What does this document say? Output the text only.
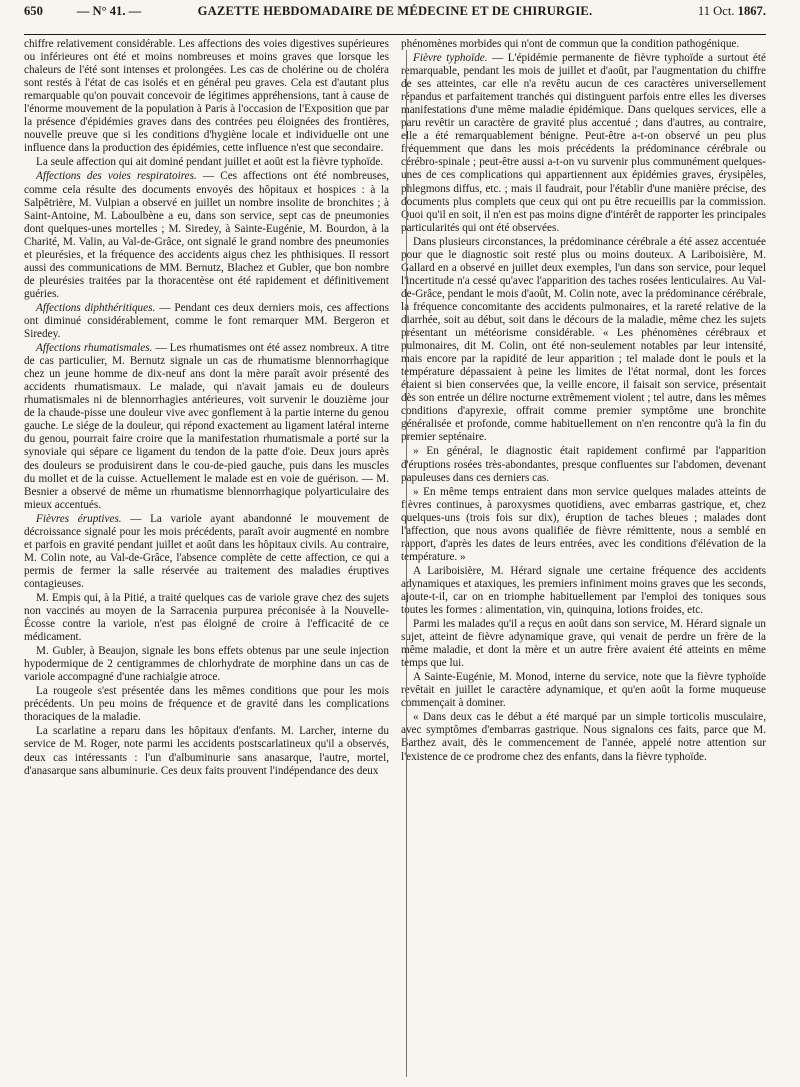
650	— N° 41. —	GAZETTE HEBDOMADAIRE DE MÉDECINE ET DE CHIRURGIE.	11 Oct. 1867.

chiffre relativement considérable. Les affections des voies digestives supérieures ou inférieures ont été et moins nombreuses et moins graves que lorsque les chaleurs de l'été sont intenses et prolongées. Les cas de cholérine ou de choléra sont restés à l'état de cas isolés et en général peu graves. Cela est d'autant plus remarquable qu'on pouvait concevoir de légitimes appréhensions, tant à cause de l'énorme mouvement de la population à Paris à l'occasion de l'Exposition que par la présence d'épidémies graves dans des contrées peu éloignées des frontières, nouvelle preuve que si les conditions d'hygiène locale et individuelle ont une influence dans la production des épidémies, cette influence n'est que secondaire.

La seule affection qui ait dominé pendant juillet et août est la fièvre typhoïde.

Affections des voies respiratoires. — Ces affections ont été nombreuses, comme cela résulte des documents envoyés des hôpitaux et hospices : à la Salpêtrière, M. Vulpian a observé en juillet un nombre insolite de bronchites ; à Saint-Antoine, M. Laboulbène a eu, dans son service, sept cas de pneumonies dont quelques-unes mortelles ; M. Siredey, à Sainte-Eugénie, M. Bourdon, à la Charité, M. Valin, au Val-de-Grâce, ont signalé le grand nombre des pneumonies et pleurésies, et la fréquence des accidents aigus chez les phthisiques. Il ressort aussi des communications de MM. Bernutz, Blachez et Gubler, que bon nombre de pleurésies traitées par la thoracentèse ont été rapidement et définitivement guéries.

Affections diphthéritiques. — Pendant ces deux derniers mois, ces affections ont diminué considérablement, comme le font remarquer MM. Bergeron et Siredey.

Affections rhumatismales. — Les rhumatismes ont été assez nombreux. A titre de cas particulier, M. Bernutz signale un cas de rhumatisme blennorrhagique chez un jeune homme de dix-neuf ans dont la mère paraît avoir présenté des accidents rhumatismaux. Le malade, qui n'avait jamais eu de douleurs rhumatismales ni de blennorrhagies antérieures, voit survenir le douzième jour de la chaude-pisse une douleur vive avec gonflement à la partie interne du genou gauche. Le siége de la douleur, qui répond exactement au ligament latéral interne du genou, pourrait faire croire que la manifestation rhumatismale a porté sur la synoviale qui sépare ce ligament du tendon de la patte d'oie. Deux jours après des douleurs se produisirent dans le cou-de-pied gauche, puis dans les muscles du mollet et de la cuisse. Actuellement le malade est en voie de guérison. — M. Besnier a observé de même un rhumatisme blennorrhagique polyarticulaire des mieux accentués.

Fièvres éruptives. — La variole ayant abandonné le mouvement de décroissance signalé pour les mois précédents, paraît avoir augmenté en nombre et parfois en gravité pendant juillet et août dans les hôpitaux civils. Au contraire, M. Colin note, au Val-de-Grâce, l'absence complète de cette affection, ce qui a permis de fermer la salle réservée au traitement des maladies éruptives contagieuses.

M. Empis qui, à la Pitié, a traité quelques cas de variole grave chez des sujets non vaccinés au moyen de la Sarracenia purpurea préconisée à la Nouvelle-Écosse contre la variole, n'est pas éloigné de croire à l'efficacité de ce médicament.

M. Gubler, à Beaujon, signale les bons effets obtenus par une seule injection hypodermique de 2 centigrammes de chlorhydrate de morphine dans un cas de variole accompagné d'une rachialgie atroce.

La rougeole s'est présentée dans les mêmes conditions que pour les mois précédents. Un peu moins de fréquence et de gravité dans les complications thoraciques de la maladie.

La scarlatine a reparu dans les hôpitaux d'enfants. M. Larcher, interne du service de M. Roger, note parmi les accidents postscarlatineux qu'il a observés, deux cas intéressants : l'un d'albuminurie sans anasarque, l'autre, mortel, d'anasarque sans albuminurie. Ces deux faits prouvent l'indépendance des deux

phénomènes morbides qui n'ont de commun que la condition pathogénique.

Fièvre typhoïde. — L'épidémie permanente de fièvre typhoïde a surtout été remarquable, pendant les mois de juillet et d'août, par l'augmentation du chiffre de ses atteintes, car elle n'a revêtu aucun de ces caractères universellement répandus et parfaitement tranchés qui distinguent parfois entre elles les diverses manifestations d'une même maladie épidémique. Dans quelques services, elle a paru revêtir un caractère de gravité plus accentué ; dans d'autres, au contraire, elle a été remarquablement bénigne. Peut-être a-t-on observé un peu plus fréquemment que dans les mois précédents la prédominance cérébrale ou cérébro-spinale ; peut-être aussi a-t-on vu survenir plus communément quelques-unes de ces complications qui appartiennent aux épidémies graves, érysipèles, phlegmons diffus, etc. ; mais il faudrait, pour l'établir d'une manière précise, des documents plus complets que ceux qui ont pu être recueillis par la commission. Quoi qu'il en soit, il n'en est pas moins digne d'intérêt de rapporter les principales particularités qui ont été observées.

Dans plusieurs circonstances, la prédominance cérébrale a été assez accentuée pour que le diagnostic soit resté plus ou moins douteux. A Lariboisière, M. Gallard en a observé en juillet deux exemples, l'un dans son service, pour lequel l'incertitude n'a cessé qu'avec l'apparition des taches rosées lenticulaires. Au Val-de-Grâce, pendant le mois d'août, M. Colin note, avec la prédominance cérébrale, la fréquence concomitante des accidents pulmonaires, et la rareté relative de la diarrhée, soit au début, soit dans le décours de la maladie, même chez les sujets présentant un météorisme considérable. « Les phénomènes cérébraux et pulmonaires, dit M. Colin, ont été non-seulement notables par leur intensité, mais encore par la rapidité de leur apparition ; tel malade dont le pouls et la température dépassaient à peine les limites de l'état normal, dont les forces étaient si bien conservées que, la veille encore, il faisait son service, présentait dès son entrée un délire nocturne extrêmement violent ; tel autre, dans les mêmes conditions d'apyrexie, offrait comme premier symptôme une bronchite généralisée et profonde, comme habituellement on n'en rencontre qu'à la fin du premier septénaire.

» En général, le diagnostic était rapidement confirmé par l'apparition d'éruptions rosées très-abondantes, presque confluentes sur l'abdomen, devenant papuleuses dans ces derniers cas.

» En même temps entraient dans mon service quelques malades atteints de fièvres continues, à paroxysmes quotidiens, avec embarras gastrique, et, chez quelques-uns (trois fois sur dix), éruption de taches bleues ; malades dont l'affection, que nous avons qualifiée de fièvre rémittente, nous a semblé en rapport, d'après les dates de leurs entrées, avec les conditions d'élévation de la température. »

A Lariboisière, M. Hérard signale une certaine fréquence des accidents adynamiques et ataxiques, les premiers infiniment moins graves que les seconds, ajoute-t-il, car on en triomphe habituellement par l'emploi des toniques sous toutes les formes : alimentation, vin, quinquina, lotions froides, etc.

Parmi les malades qu'il a reçus en août dans son service, M. Hérard signale un sujet, atteint de fièvre adynamique grave, qui venait de perdre un frère de la même maladie, et dont la mère et un autre frère avaient été atteints en même temps que lui.

A Sainte-Eugénie, M. Monod, interne du service, note que la fièvre typhoïde revêtait en juillet le caractère adynamique, et qu'en août la forme muqueuse commençait à dominer.

« Dans deux cas le début a été marqué par un simple torticolis musculaire, avec symptômes d'embarras gastrique. Nous signalons ces faits, parce que M. Barthez avait, dès le commencement de l'année, appelé notre attention sur l'existence de ce prodrome chez des enfants, dans la fièvre typhoïde.
